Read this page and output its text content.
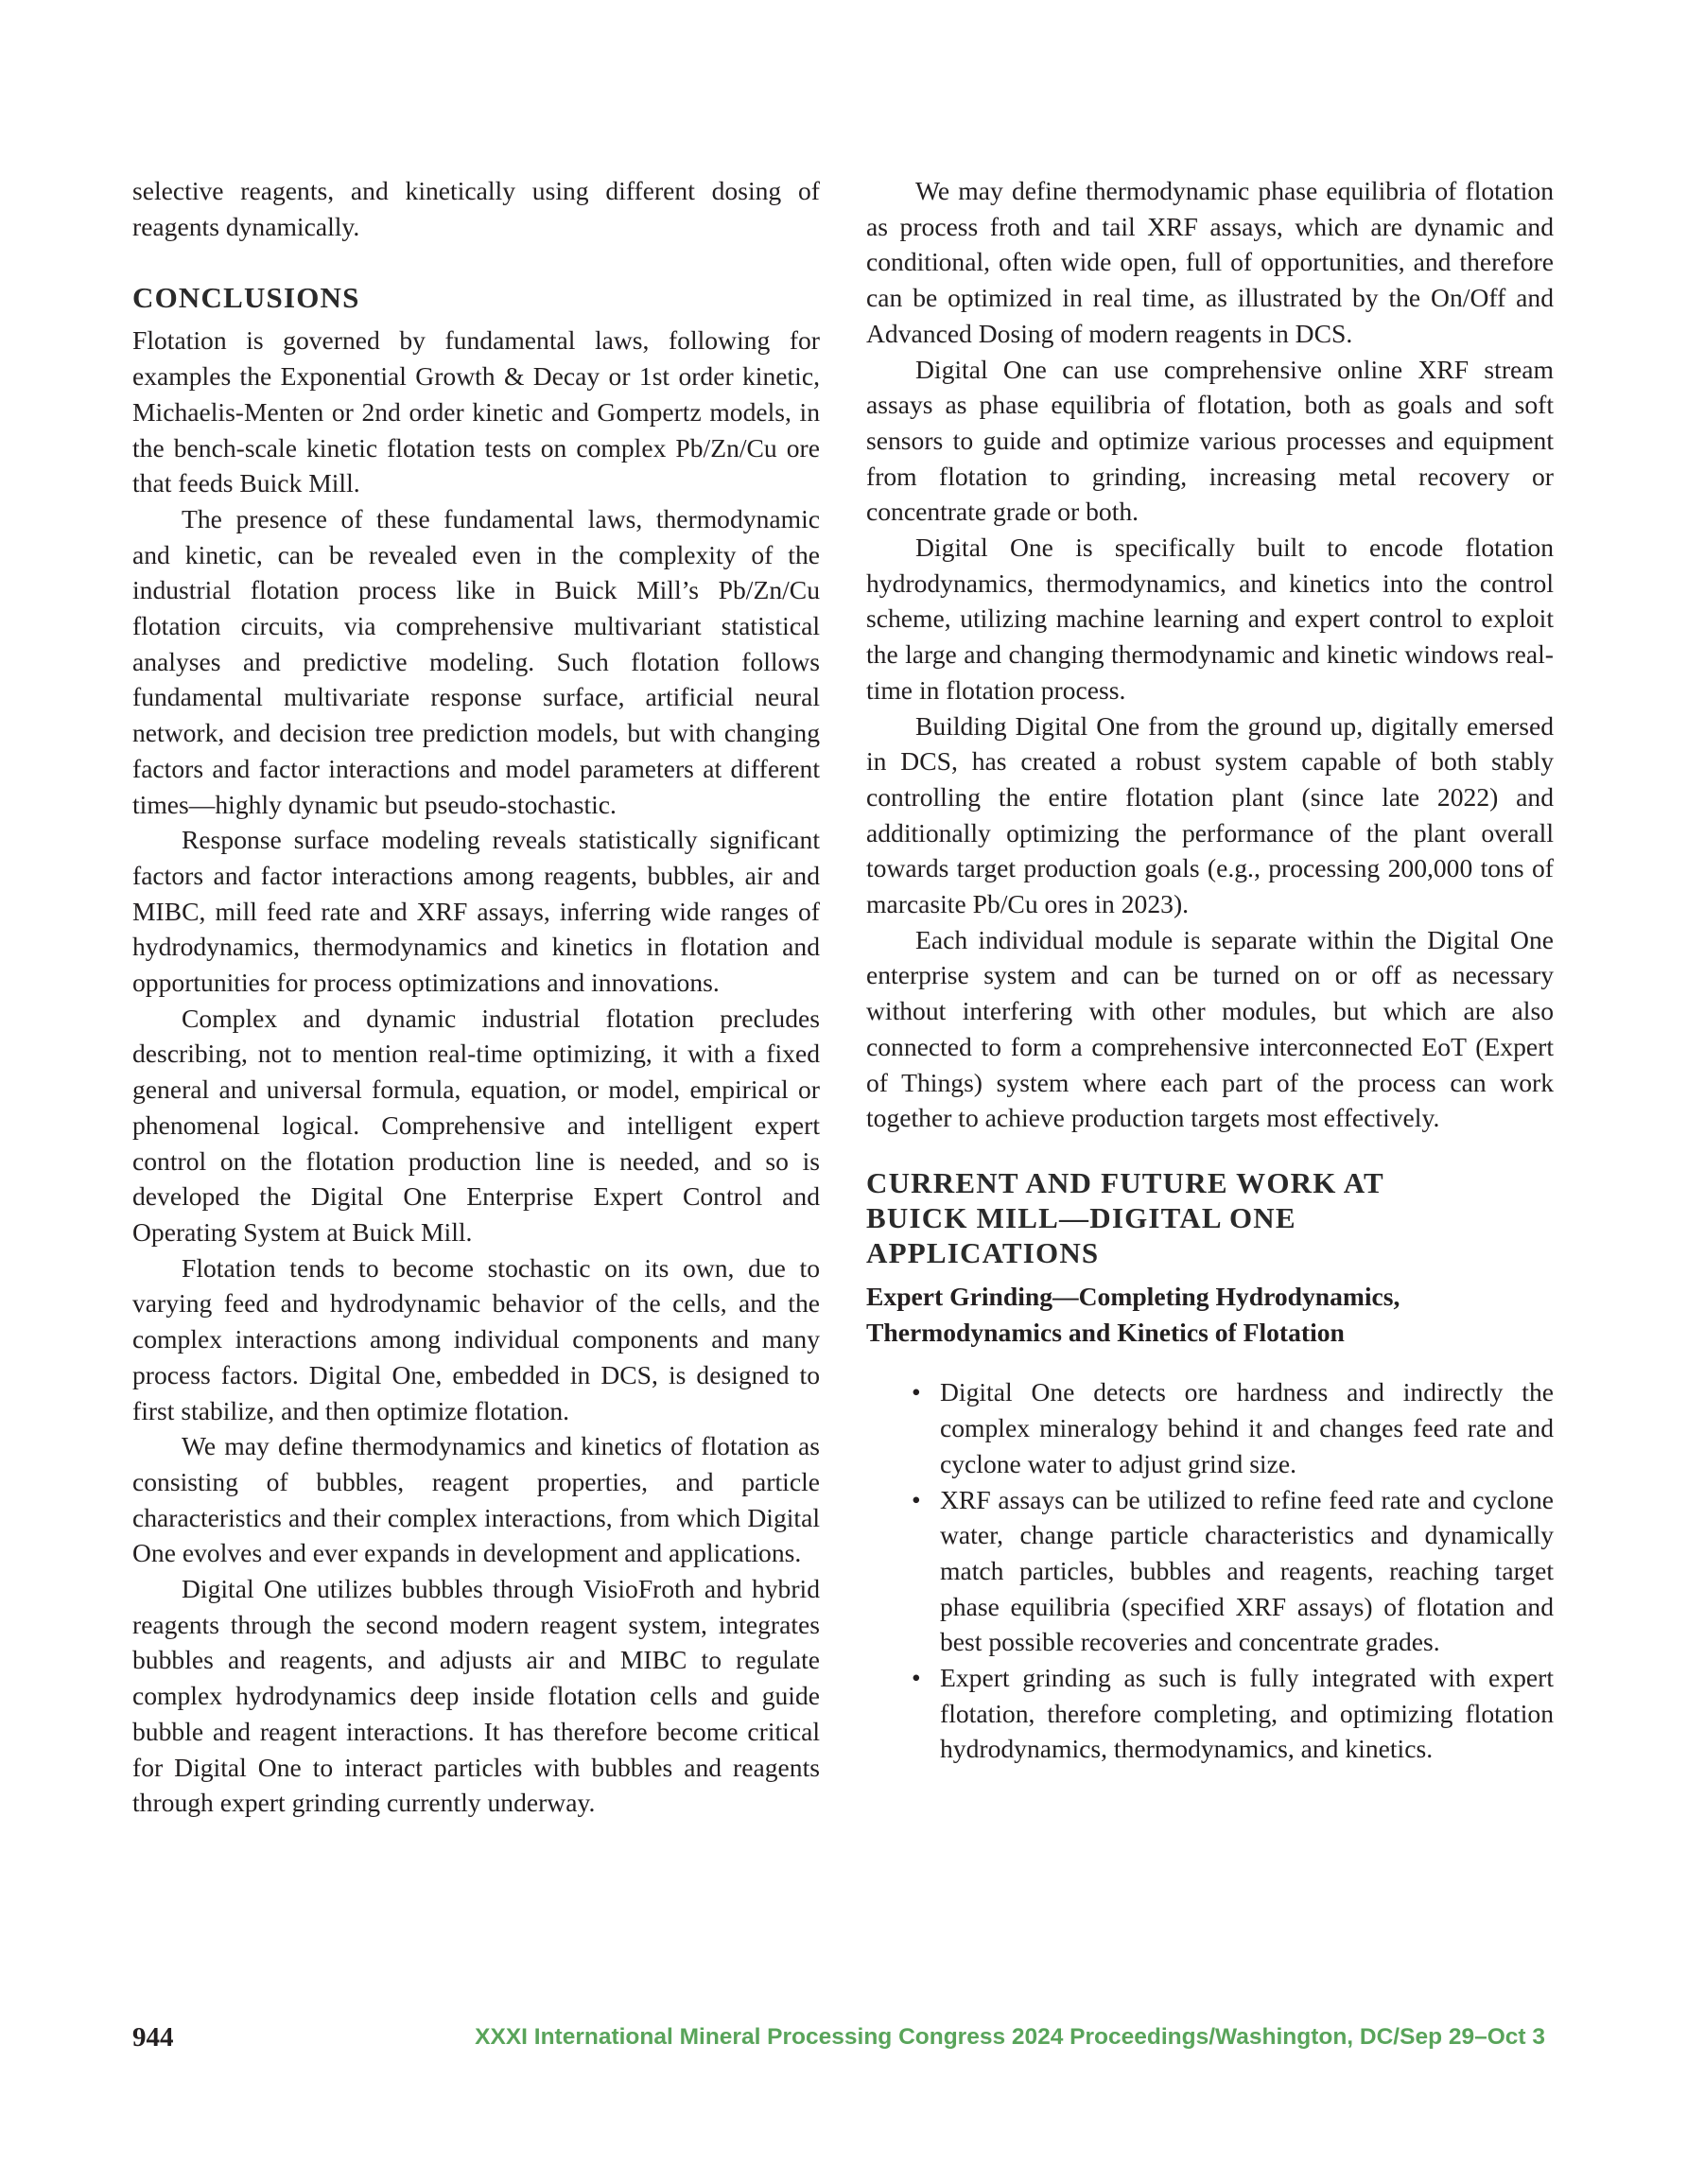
selective reagents, and kinetically using different dosing of reagents dynamically.

CONCLUSIONS

Flotation is governed by fundamental laws, following for examples the Exponential Growth & Decay or 1st order kinetic, Michaelis-Menten or 2nd order kinetic and Gompertz models, in the bench-scale kinetic flotation tests on complex Pb/Zn/Cu ore that feeds Buick Mill.

The presence of these fundamental laws, thermodynamic and kinetic, can be revealed even in the complexity of the industrial flotation process like in Buick Mill’s Pb/Zn/Cu flotation circuits, via comprehensive multivariant statistical analyses and predictive modeling. Such flotation follows fundamental multivariate response surface, artificial neural network, and decision tree prediction models, but with changing factors and factor interactions and model parameters at different times—highly dynamic but pseudo-stochastic.

Response surface modeling reveals statistically significant factors and factor interactions among reagents, bubbles, air and MIBC, mill feed rate and XRF assays, inferring wide ranges of hydrodynamics, thermodynamics and kinetics in flotation and opportunities for process optimizations and innovations.

Complex and dynamic industrial flotation precludes describing, not to mention real-time optimizing, it with a fixed general and universal formula, equation, or model, empirical or phenomenal logical. Comprehensive and intelligent expert control on the flotation production line is needed, and so is developed the Digital One Enterprise Expert Control and Operating System at Buick Mill.

Flotation tends to become stochastic on its own, due to varying feed and hydrodynamic behavior of the cells, and the complex interactions among individual components and many process factors. Digital One, embedded in DCS, is designed to first stabilize, and then optimize flotation.

We may define thermodynamics and kinetics of flotation as consisting of bubbles, reagent properties, and particle characteristics and their complex interactions, from which Digital One evolves and ever expands in development and applications.

Digital One utilizes bubbles through VisioFroth and hybrid reagents through the second modern reagent system, integrates bubbles and reagents, and adjusts air and MIBC to regulate complex hydrodynamics deep inside flotation cells and guide bubble and reagent interactions. It has therefore become critical for Digital One to interact particles with bubbles and reagents through expert grinding currently underway.

We may define thermodynamic phase equilibria of flotation as process froth and tail XRF assays, which are dynamic and conditional, often wide open, full of opportunities, and therefore can be optimized in real time, as illustrated by the On/Off and Advanced Dosing of modern reagents in DCS.

Digital One can use comprehensive online XRF stream assays as phase equilibria of flotation, both as goals and soft sensors to guide and optimize various processes and equipment from flotation to grinding, increasing metal recovery or concentrate grade or both.

Digital One is specifically built to encode flotation hydrodynamics, thermodynamics, and kinetics into the control scheme, utilizing machine learning and expert control to exploit the large and changing thermodynamic and kinetic windows real-time in flotation process.

Building Digital One from the ground up, digitally emersed in DCS, has created a robust system capable of both stably controlling the entire flotation plant (since late 2022) and additionally optimizing the performance of the plant overall towards target production goals (e.g., processing 200,000 tons of marcasite Pb/Cu ores in 2023).

Each individual module is separate within the Digital One enterprise system and can be turned on or off as necessary without interfering with other modules, but which are also connected to form a comprehensive interconnected EoT (Expert of Things) system where each part of the process can work together to achieve production targets most effectively.

CURRENT AND FUTURE WORK AT BUICK MILL—DIGITAL ONE APPLICATIONS
Expert Grinding—Completing Hydrodynamics, Thermodynamics and Kinetics of Flotation
• Digital One detects ore hardness and indirectly the complex mineralogy behind it and changes feed rate and cyclone water to adjust grind size.
• XRF assays can be utilized to refine feed rate and cyclone water, change particle characteristics and dynamically match particles, bubbles and reagents, reaching target phase equilibria (specified XRF assays) of flotation and best possible recoveries and concentrate grades.
• Expert grinding as such is fully integrated with expert flotation, therefore completing, and optimizing flotation hydrodynamics, thermodynamics, and kinetics.
944	XXXI International Mineral Processing Congress 2024 Proceedings/Washington, DC/Sep 29–Oct 3
